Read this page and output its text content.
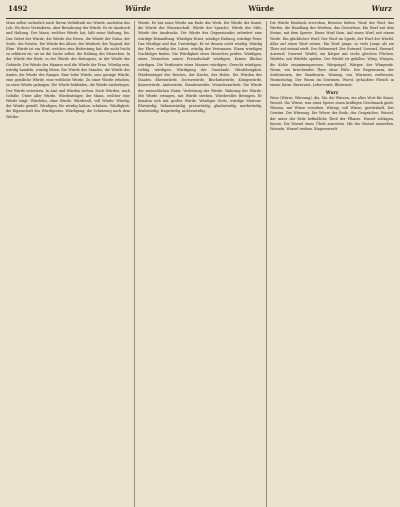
1492	Würde	Würde	Wurz
Muss selbst sicherlich nach Ihrem Verhältniß zur Würde, nachdem des Lob. Wo ihres Veränderns, aber Bewahrung der Würde. Es ist Ausdruck und Haltung. Der Mann, welcher Würde hat, hält seine Haltung, bis. Das Gebet der Würde, die Würde des Herrn, die Würde der Natur, der Seele, des Geistes. Die Würde des Alters, der Weisheit, der Tugend, der Ehre. Würde ist ein Wort, welches eine Bedeutung hat, die nicht leicht zu erklären ist; sie ist die Sache selbst, die Haltung des Menschen. In der Würde der Rede, in der Würde des Betragens, in der Würde der Gebärde. Die Würde des Mannes und die Würde der Frau. Würdig sein, würdig handeln, würdig leben. Die Würde des Standes, die Würde des Amtes, die Würde des Ranges. Eine hohe Würde, eine geringe Würde, eine geistliche Würde, eine weltliche Würde. Zu einer Würde erheben, zu einer Würde gelangen. Die Würde bekleiden, die Würde niederlegen. Der Würde entsetzen. In Amt und Würden stehen. Nach Würden, nach Gebühr. Unter aller Würde. Würdenträger, der Mann, welcher eine Würde trägt. Würdelos, ohne Würde. Würdevoll, voll Würde. Würdig, der Würde gemäß. Würdigen, für würdig halten, schätzen. Würdigkeit, die Eigenschaft des Würdigseins. Würdigung, die Schätzung nach dem Werthe.
Würde. Es hat seine Würde am Ende das Werk. Die Würde der Kunst, die Würde der Wissenschaft. Würde der Sprache, Würde des Stils, Würde des Ausdrucks. Die Würde des Gegenstandes erfordert eine würdige Behandlung. Würdiger Ernst, würdige Haltung, würdige Feier. Das Würdige und das Unwürdige. Er ist dessen nicht würdig. Würdig der Ehre, würdig des Lobes, würdig des Vertrauens. Einen würdigen Nachfolger finden. Die Würdigkeit eines Menschen prüfen. Würdigen, einen Menschen seiner Freundschaft würdigen. Keines Blickes würdigen. Die Verdienste eines Mannes würdigen. Gerecht würdigen, richtig würdigen. Würdigung der Umstände. Würdelosigkeit. Würdenträger des Reiches, der Kirche, des Hofes. Die Würden des Staates. Ehrenwürde, Doctorwürde, Bischofswürde, Königswürde, Kaiserwürde. Amtswürde, Standeswürde, Menschenwürde. Die Würde der menschlichen Natur. Verletzung der Würde. Wahrung der Würde. Mit Würde ertragen, mit Würde sterben. Würdevolles Betragen. Er benahm sich mit großer Würde. Würdiger Greis, würdige Matrone. Ehrwürdig, liebenswürdig, preiswürdig, glaubwürdig, merkwürdig, denkwürdig, fragwürdig, nichtswürdig.
Die Würde Eindruck erwecken, Beweise liefern. Wurf, der Wurf, das Werfen, die Handlung des Werfens; das Geworfene. Ein Wurf mit dem Steine, mit dem Speere. Einen Wurf thun. Auf einen Wurf, mit einem Wurfe. Ein glücklicher Wurf. Der Wurf im Spiele, der Wurf der Würfel. Alles auf einen Wurf setzen. Ein Wurf Junge, so viele Junge als ein Thier auf einmal wirft. Der Faltenwurf. Der Entwurf, Vorwurf, Einwurf, Auswurf, Umwurf. Würfel, ein Körper mit sechs gleichen Flächen. Würfeln, mit Würfeln spielen. Der Würfel ist gefallen. Würg, Würgen, die Kehle zusammenpressen. Würgengel. Würger, der Würgende. Wurm, ein kriechendes Thier ohne Füße. Der Regenwurm, der Seidenwurm, der Bandwurm. Wurmig, von Würmern zerfressen. Wurmstichig. Der Wurm im Gewissen. Wurst, gehacktes Fleisch in einem Darm. Bratwurst, Leberwurst, Blutwurst.
Wurz
Wurz (Würze, Würzung), die, Mz. die Würzen, ein altes Wort für Kraut, Wurzel. Die Würze, was einer Speise einen kräftigen Geschmack giebt. Würzen, mit Würze versehen. Würzig, voll Würze, gewürzhaft. Das Gewürz. Die Würzung. Die Würze der Rede, des Gespräches. Wurzel, der unter der Erde befindliche Theil der Pflanze. Wurzel schlagen, fassen. Die Wurzel eines Übels ausrotten. Mit der Wurzel ausreißen. Wurzeln, Wurzel treiben. Eingewurzelt.
